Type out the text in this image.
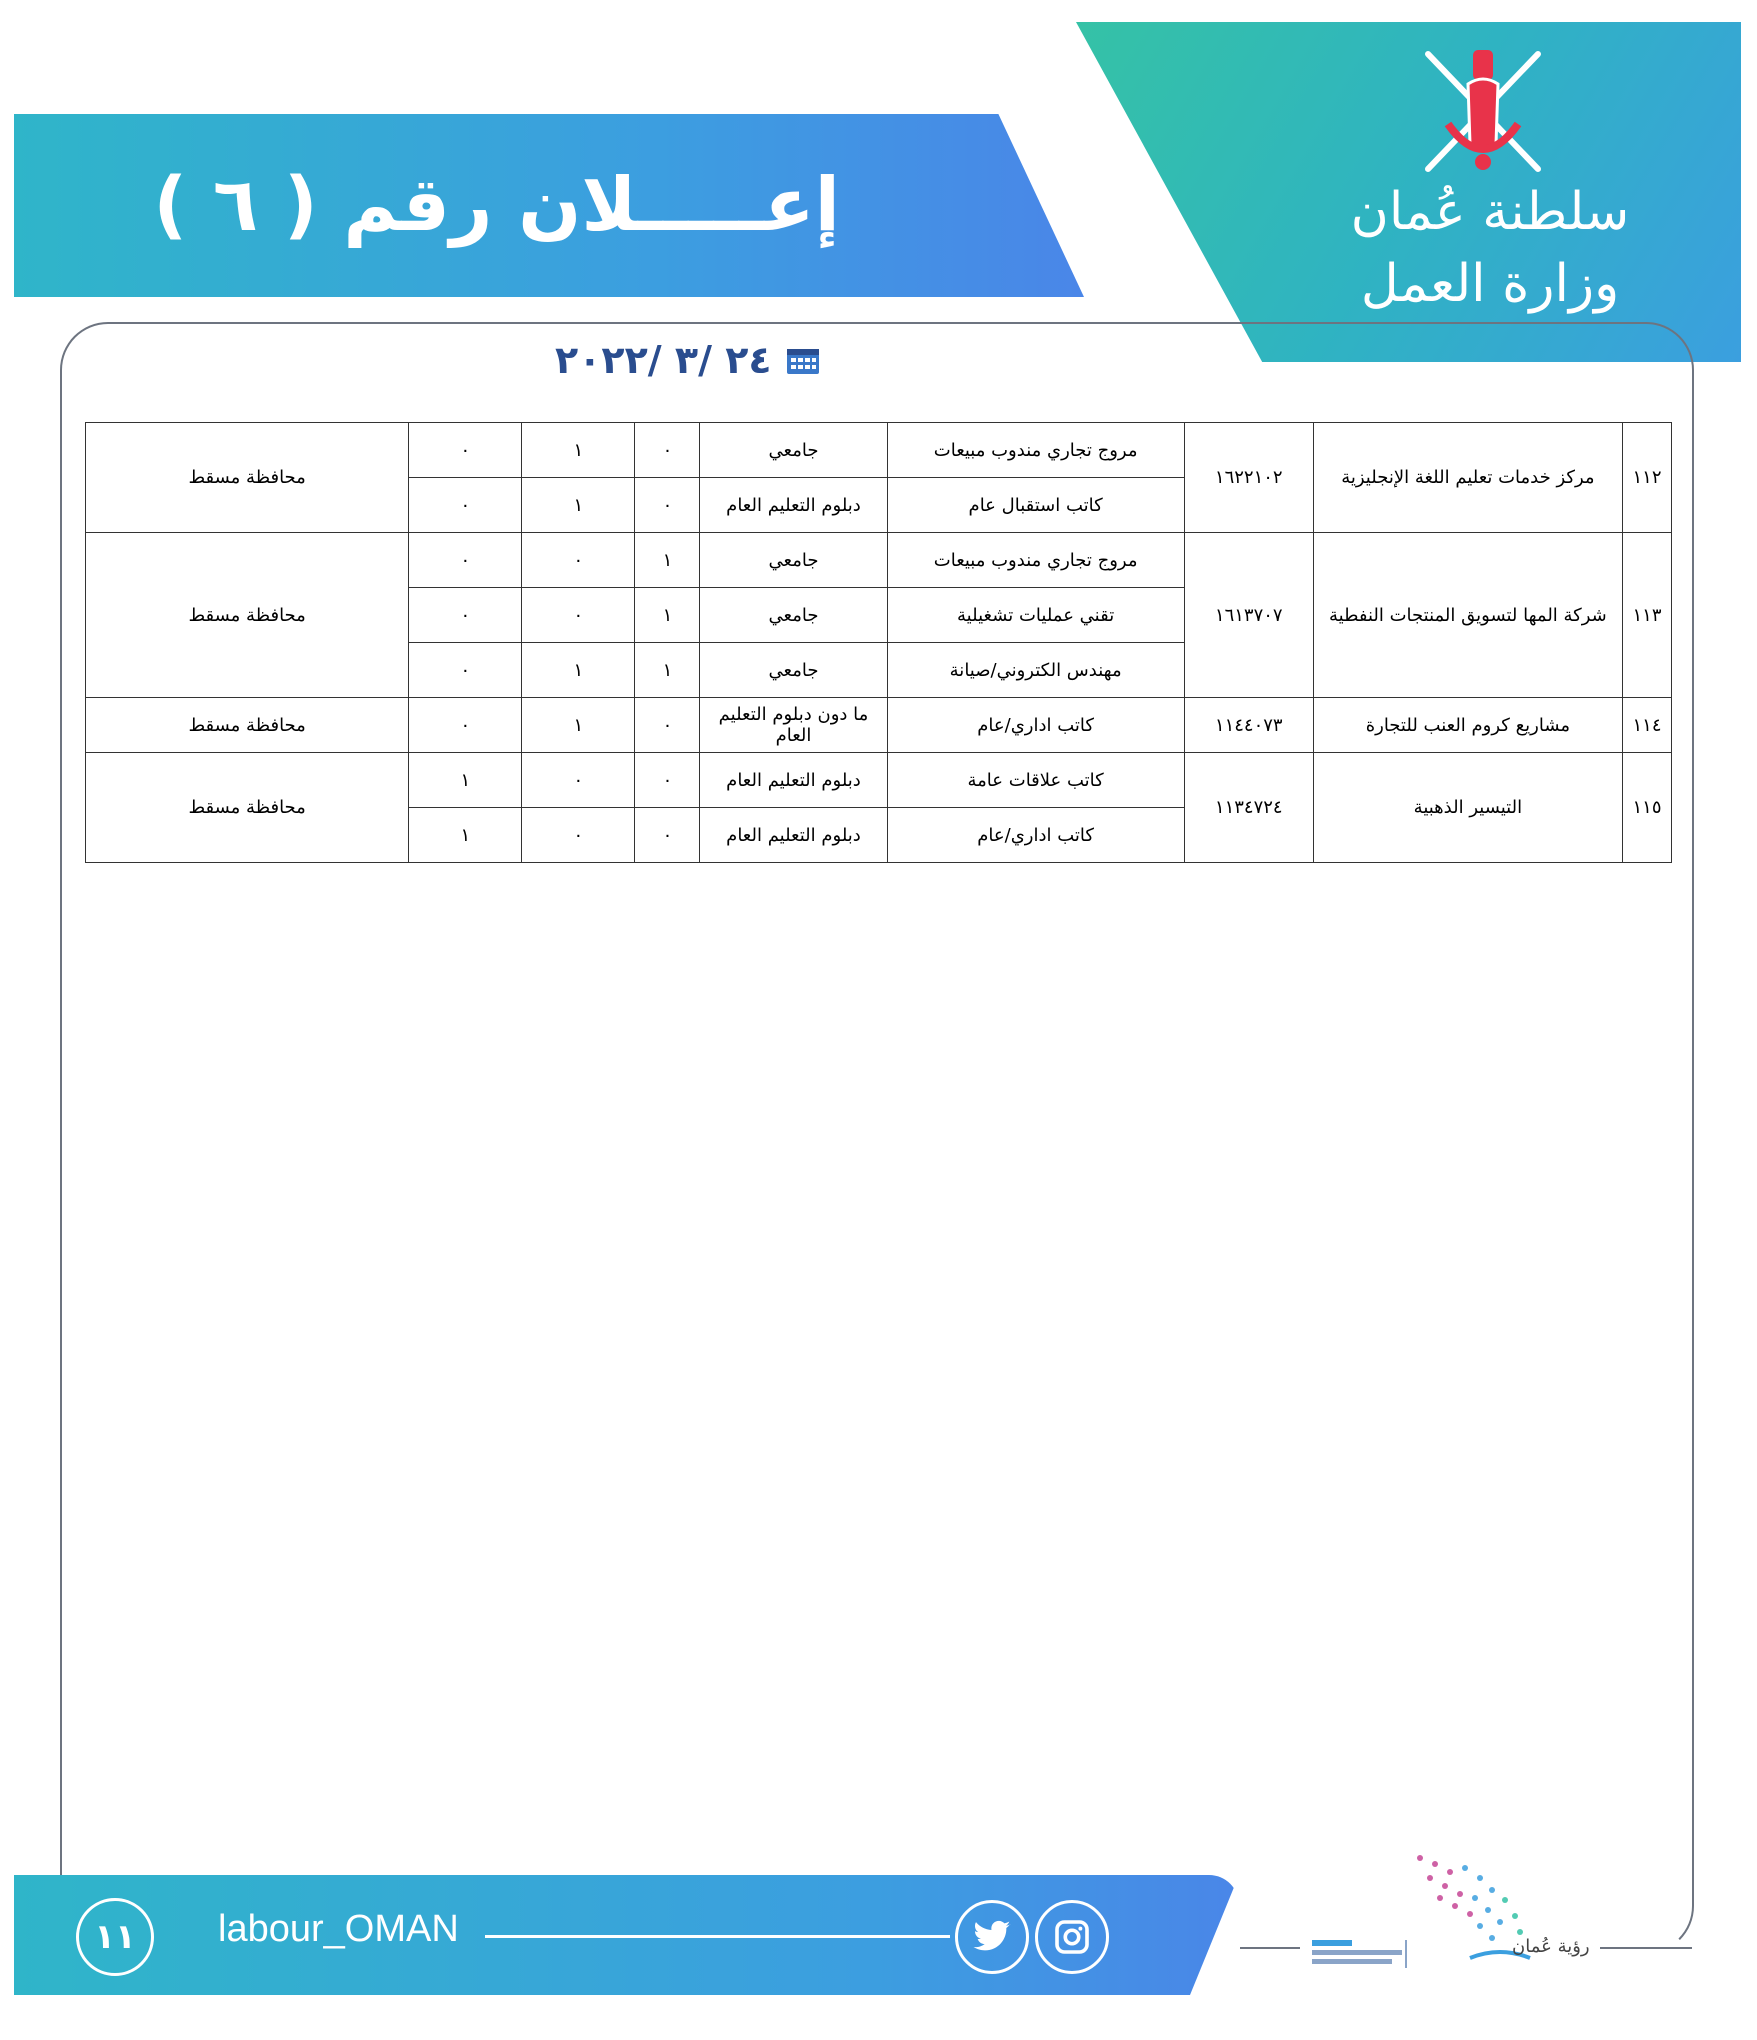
سلطنة عُمان
وزارة العمل
إعـــــلان رقم ( ٦ )
٢٤ /٣ /٢٠٢٢
١١٢	مركز خدمات تعليم اللغة الإنجليزية	١٦٢٢١٠٢	مروج تجاري مندوب مبيعات	جامعي	٠	١	٠	محافظة مسقط
			كاتب استقبال عام	دبلوم التعليم العام	٠	١	٠	
١١٣	شركة المها لتسويق المنتجات النفطية	١٦١٣٧٠٧	مروج تجاري مندوب مبيعات	جامعي	١	٠	٠	محافظة مسقط
			تقني عمليات تشغيلية	جامعي	١	٠	٠	
			مهندس الكتروني/صيانة	جامعي	١	١	٠	
١١٤	مشاريع كروم العنب للتجارة	١١٤٤٠٧٣	كاتب اداري/عام	ما دون دبلوم التعليم العام	٠	١	٠	محافظة مسقط
١١٥	التيسير الذهبية	١١٣٤٧٢٤	كاتب علاقات عامة	دبلوم التعليم العام	٠	٠	١	محافظة مسقط
			كاتب اداري/عام	دبلوم التعليم العام	٠	٠	١	
١١	labour_OMAN	رؤية عُمان
